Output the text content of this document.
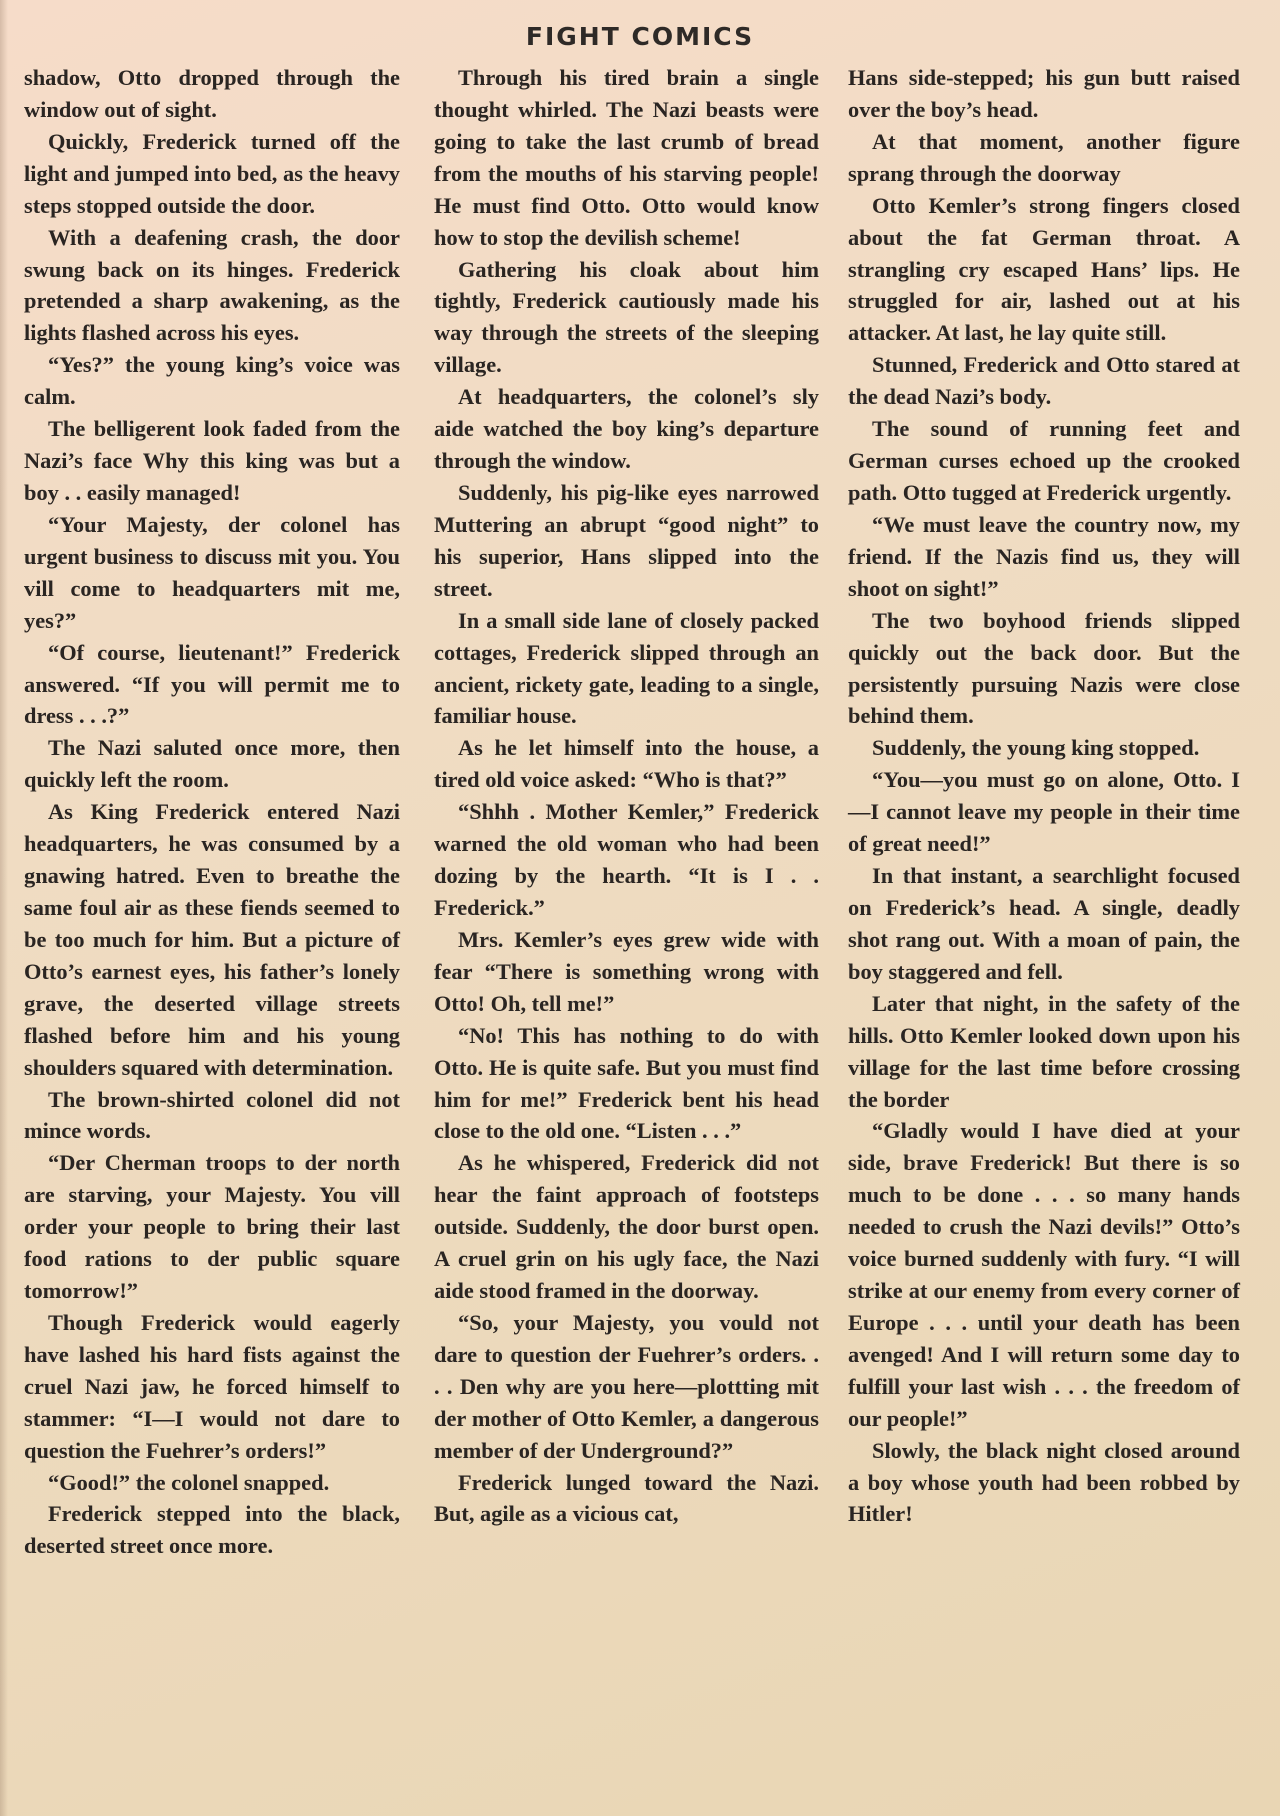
FIGHT COMICS

shadow, Otto dropped through the window out of sight.

Quickly, Frederick turned off the light and jumped into bed, as the heavy steps stopped outside the door.

With a deafening crash, the door swung back on its hinges. Frederick pretended a sharp awakening, as the lights flashed across his eyes.

“Yes?” the young king’s voice was calm.

The belligerent look faded from the Nazi’s face Why this king was but a boy . . easily managed!

“Your Majesty, der colonel has urgent business to discuss mit you. You vill come to headquarters mit me, yes?”

“Of course, lieutenant!” Frederick answered. “If you will permit me to dress . . .?”

The Nazi saluted once more, then quickly left the room.

As King Frederick entered Nazi headquarters, he was consumed by a gnawing hatred. Even to breathe the same foul air as these fiends seemed to be too much for him. But a picture of Otto’s earnest eyes, his father’s lonely grave, the deserted village streets flashed before him and his young shoulders squared with determination.

The brown-shirted colonel did not mince words.

“Der Cherman troops to der north are starving, your Majesty. You vill order your people to bring their last food rations to der public square tomorrow!”

Though Frederick would eagerly have lashed his hard fists against the cruel Nazi jaw, he forced himself to stammer: “I—I would not dare to question the Fuehrer’s orders!”

“Good!” the colonel snapped.

Frederick stepped into the black, deserted street once more.

Through his tired brain a single thought whirled. The Nazi beasts were going to take the last crumb of bread from the mouths of his starving people! He must find Otto. Otto would know how to stop the devilish scheme!

Gathering his cloak about him tightly, Frederick cautiously made his way through the streets of the sleeping village.

At headquarters, the colonel’s sly aide watched the boy king’s departure through the window.

Suddenly, his pig-like eyes narrowed Muttering an abrupt “good night” to his superior, Hans slipped into the street.

In a small side lane of closely packed cottages, Frederick slipped through an ancient, rickety gate, leading to a single, familiar house.

As he let himself into the house, a tired old voice asked: “Who is that?”

“Shhh . Mother Kemler,” Frederick warned the old woman who had been dozing by the hearth. “It is I . . Frederick.”

Mrs. Kemler’s eyes grew wide with fear “There is something wrong with Otto! Oh, tell me!”

“No! This has nothing to do with Otto. He is quite safe. But you must find him for me!” Frederick bent his head close to the old one. “Listen . . .”

As he whispered, Frederick did not hear the faint approach of footsteps outside. Suddenly, the door burst open. A cruel grin on his ugly face, the Nazi aide stood framed in the doorway.

“So, your Majesty, you vould not dare to question der Fuehrer’s orders. . . . Den why are you here—plottting mit der mother of Otto Kemler, a dangerous member of der Underground?”

Frederick lunged toward the Nazi. But, agile as a vicious cat,

Hans side-stepped; his gun butt raised over the boy’s head.

At that moment, another figure sprang through the doorway

Otto Kemler’s strong fingers closed about the fat German throat. A strangling cry escaped Hans’ lips. He struggled for air, lashed out at his attacker. At last, he lay quite still.

Stunned, Frederick and Otto stared at the dead Nazi’s body.

The sound of running feet and German curses echoed up the crooked path. Otto tugged at Frederick urgently.

“We must leave the country now, my friend. If the Nazis find us, they will shoot on sight!”

The two boyhood friends slipped quickly out the back door. But the persistently pursuing Nazis were close behind them.

Suddenly, the young king stopped.

“You—you must go on alone, Otto. I—I cannot leave my people in their time of great need!”

In that instant, a searchlight focused on Frederick’s head. A single, deadly shot rang out. With a moan of pain, the boy staggered and fell.

Later that night, in the safety of the hills. Otto Kemler looked down upon his village for the last time before crossing the border

“Gladly would I have died at your side, brave Frederick! But there is so much to be done . . . so many hands needed to crush the Nazi devils!” Otto’s voice burned suddenly with fury. “I will strike at our enemy from every corner of Europe . . . until your death has been avenged! And I will return some day to fulfill your last wish . . . the freedom of our people!”

Slowly, the black night closed around a boy whose youth had been robbed by Hitler!
